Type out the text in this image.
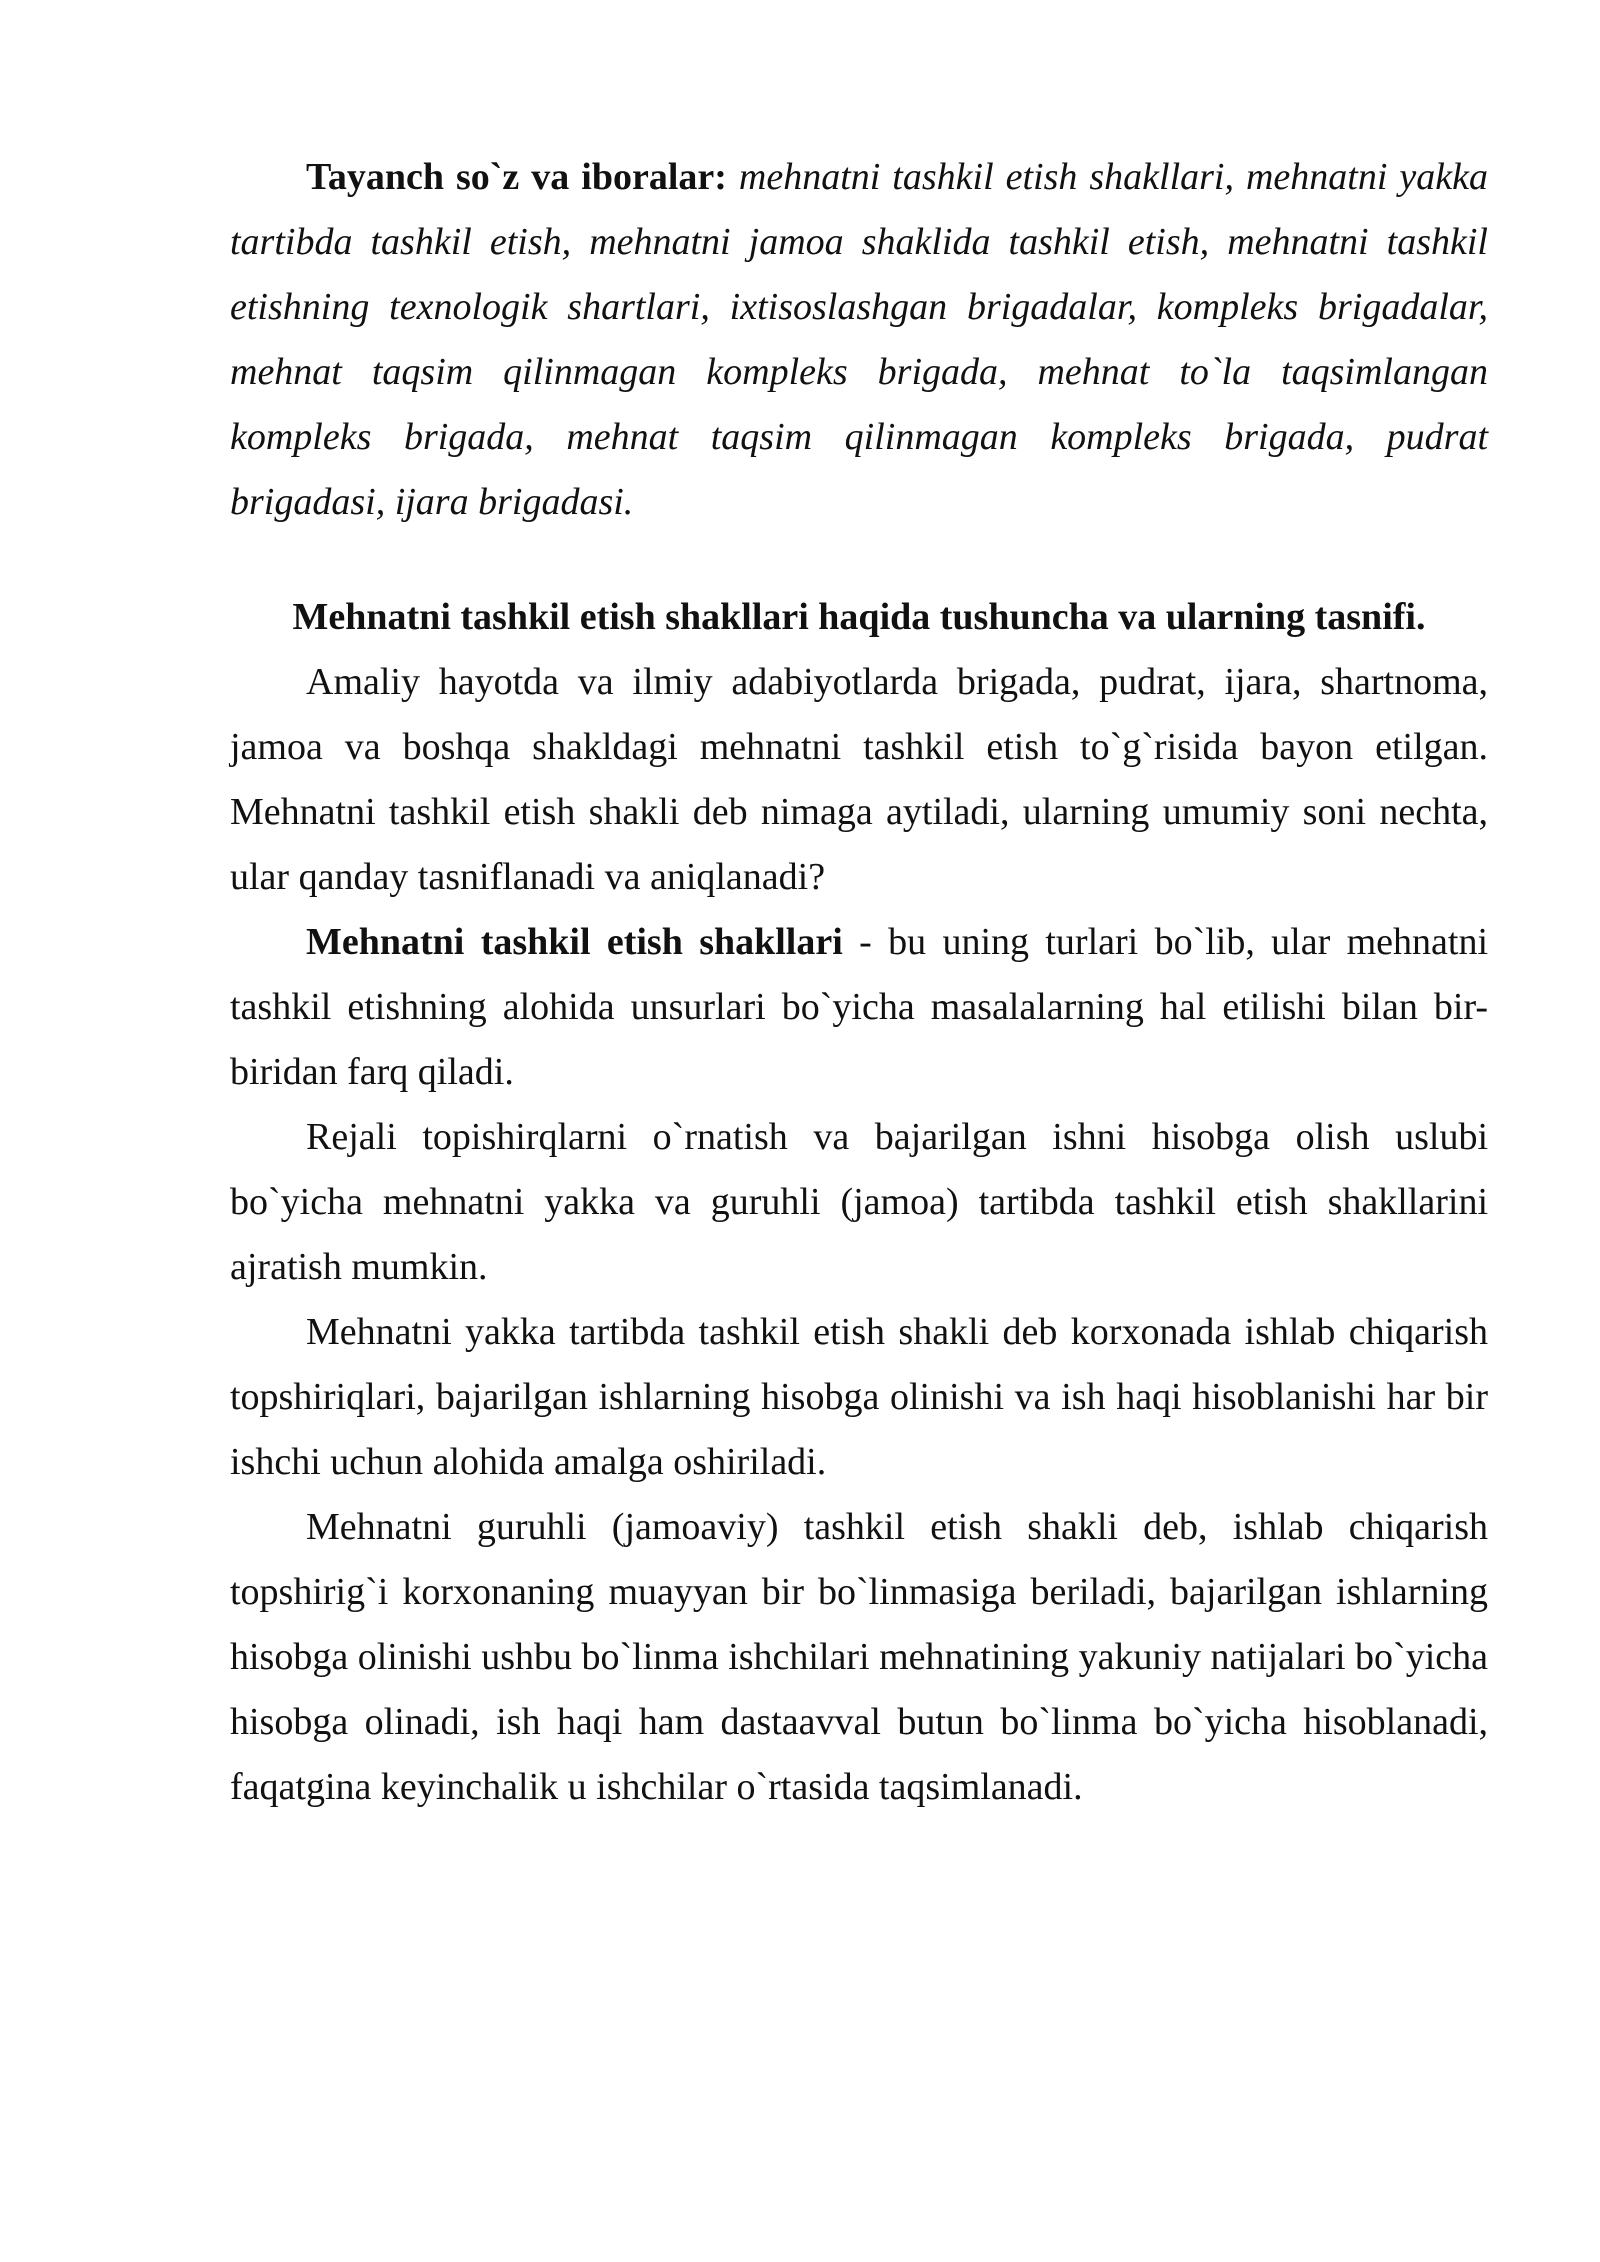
Tayanch so`z va iboralar: mehnatni tashkil etish shakllari, mehnatni yakka tartibda tashkil etish, mehnatni jamoa shaklida tashkil etish, mehnatni tashkil etishning texnologik shartlari, ixtisoslashgan brigadalar, kompleks brigadalar, mehnat taqsim qilinmagan kompleks brigada, mehnat to`la taqsimlangan kompleks brigada, mehnat taqsim qilinmagan kompleks brigada, pudrat brigadasi, ijara brigadasi.

Mehnatni tashkil etish shakllari haqida tushuncha va ularning tasnifi.

Amaliy hayotda va ilmiy adabiyotlarda brigada, pudrat, ijara, shartnoma, jamoa va boshqa shakldagi mehnatni tashkil etish to`g`risida bayon etilgan. Mehnatni tashkil etish shakli deb nimaga aytiladi, ularning umumiy soni nechta, ular qanday tasniflanadi va aniqlanadi?

Mehnatni tashkil etish shakllari - bu uning turlari bo`lib, ular mehnatni tashkil etishning alohida unsurlari bo`yicha masalalarning hal etilishi bilan bir-biridan farq qiladi.

Rejali topishirqlarni o`rnatish va bajarilgan ishni hisobga olish uslubi bo`yicha mehnatni yakka va guruhli (jamoa) tartibda tashkil etish shakllarini ajratish mumkin.

Mehnatni yakka tartibda tashkil etish shakli deb korxonada ishlab chiqarish topshiriqlari, bajarilgan ishlarning hisobga olinishi va ish haqi hisoblanishi har bir ishchi uchun alohida amalga oshiriladi.

Mehnatni guruhli (jamoaviy) tashkil etish shakli deb, ishlab chiqarish topshirig`i korxonaning muayyan bir bo`linmasiga beriladi, bajarilgan ishlarning hisobga olinishi ushbu bo`linma ishchilari mehnatining yakuniy natijalari bo`yicha hisobga olinadi, ish haqi ham dastaavval butun bo`linma bo`yicha hisoblanadi, faqatgina keyinchalik u ishchilar o`rtasida taqsimlanadi.
